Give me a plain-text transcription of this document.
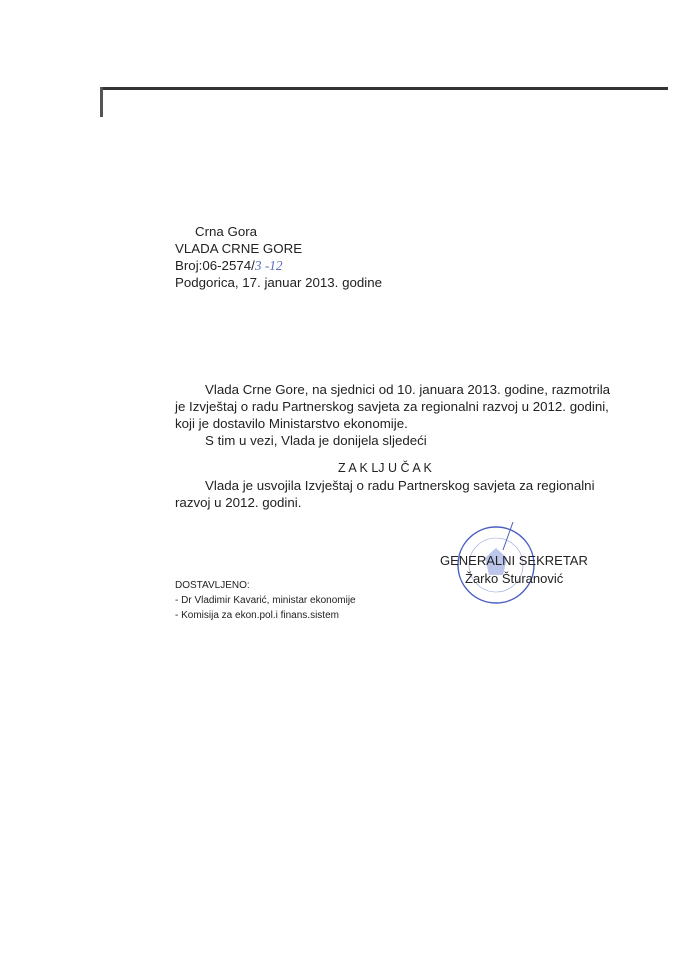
Crna Gora
VLADA CRNE GORE
Broj:06-2574/3 -12
Podgorica, 17. januar 2013. godine
Vlada Crne Gore, na sjednici od 10. januara 2013. godine, razmotrila
je Izvještaj o radu Partnerskog savjeta za regionalni razvoj u 2012. godini,
koji je dostavilo Ministarstvo ekonomije.
S tim u vezi, Vlada je donijela sljedeći
Z A K LJ U Č A K
Vlada je usvojila Izvještaj o radu Partnerskog savjeta za regionalni
razvoj u 2012. godini.
GENERALNI SEKRETAR
Žarko Šturanović
DOSTAVLJENO:
- Dr Vladimir Kavarić, ministar ekonomije
- Komisija za ekon.pol.i finans.sistem
